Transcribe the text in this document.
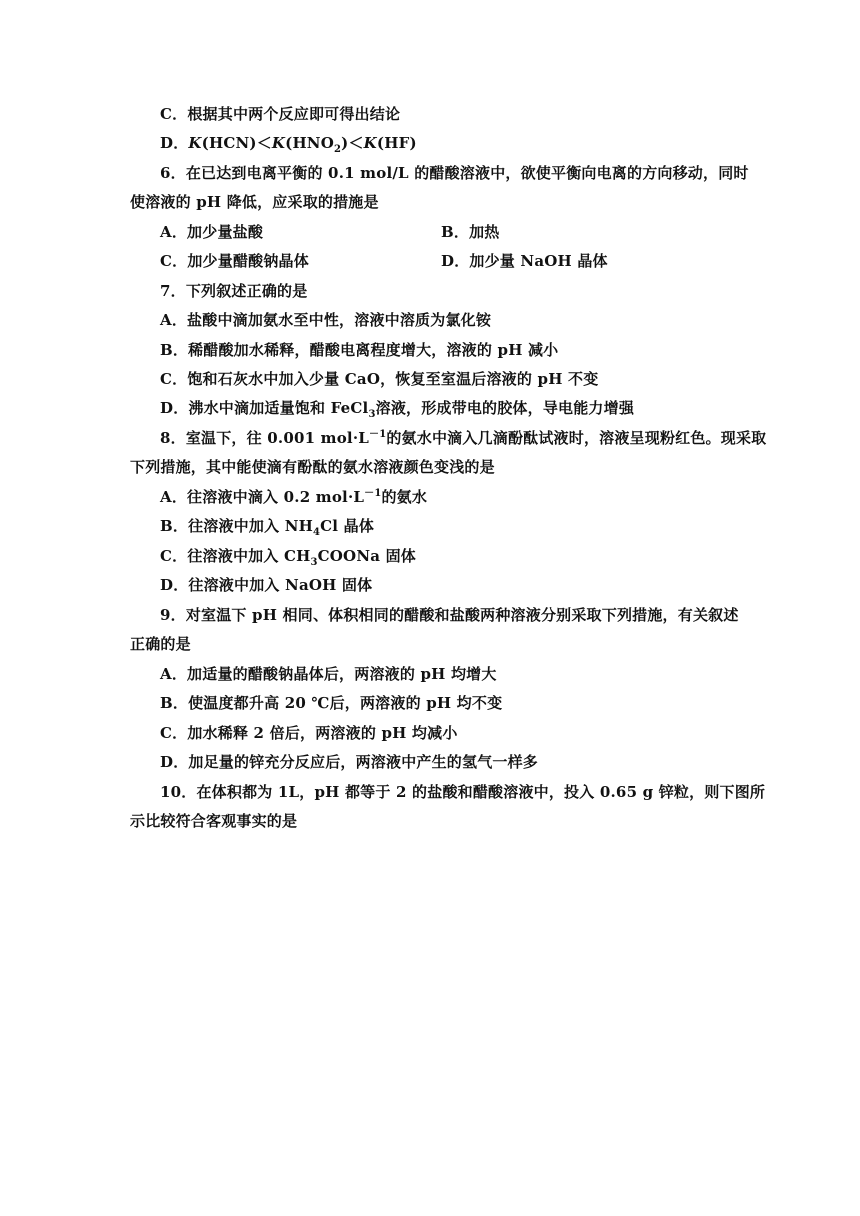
C．根据其中两个反应即可得出结论
D．$K(HCN)<K(HNO_2)<K(HF)$
6．在已达到电离平衡的 0.1 mol/L 的醋酸溶液中，欲使平衡向电离的方向移动，同时
使溶液的 pH 降低，应采取的措施是
A．加少量盐酸	B．加热
C．加少量醋酸钠晶体	D．加少量 NaOH 晶体
7．下列叙述正确的是
A．盐酸中滴加氨水至中性，溶液中溶质为氯化铵
B．稀醋酸加水稀释，醋酸电离程度增大，溶液的 pH 减小
C．饱和石灰水中加入少量 CaO，恢复至室温后溶液的 pH 不变
D．沸水中滴加适量饱和 FeCl$_3$溶液，形成带电的胶体，导电能力增强
8．室温下，往 0.001 $mol\cdot L^{-1}$的氨水中滴入几滴酚酞试液时，溶液呈现粉红色。现采取
下列措施，其中能使滴有酚酞的氨水溶液颜色变浅的是
A．往溶液中滴入 0.2 $mol\cdot L^{-1}$的氨水
B．往溶液中加入 $NH_4Cl$ 晶体
C．往溶液中加入 $CH_3COONa$ 固体
D．往溶液中加入 NaOH 固体
9．对室温下 pH 相同、体积相同的醋酸和盐酸两种溶液分别采取下列措施，有关叙述
正确的是
A．加适量的醋酸钠晶体后，两溶液的 pH 均增大
B．使温度都升高 20 ℃后，两溶液的 pH 均不变
C．加水稀释 2 倍后，两溶液的 pH 均减小
D．加足量的锌充分反应后，两溶液中产生的氢气一样多
10．在体积都为 1L，pH 都等于 2 的盐酸和醋酸溶液中，投入 0.65 g 锌粒，则下图所
示比较符合客观事实的是
